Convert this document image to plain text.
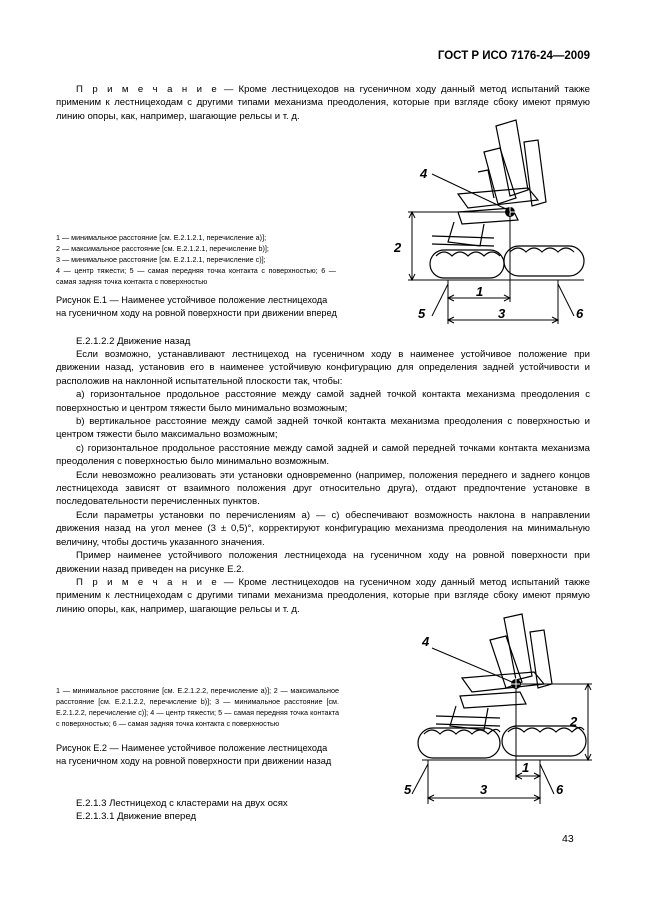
ГОСТ Р ИСО 7176-24—2009

П р и м е ч а н и е — Кроме лестницеходов на гусеничном ходу данный метод испытаний также применим к лестницеходам с другими типами механизма преодоления, которые при взгляде сбоку имеют прямую линию опоры, как, например, шагающие рельсы и т. д.

1 — минимальное расстояние [см. E.2.1.2.1, перечисление a)];

2 — максимальное расстояние [см. E.2.1.2.1, перечисление b)];

3 — минимальное расстояние [см. E.2.1.2.1, перечисление c)];

4 — центр тяжести; 5 — самая передняя точка контакта с поверхностью; 6 — самая задняя точка контакта с поверхностью

Рисунок E.1 — Наименее устойчивое положение лестницехода на гусеничном ходу на ровной поверхности при движении вперед

4
2
1
3
5	6

E.2.1.2.2 Движение назад

Если возможно, устанавливают лестницеход на гусеничном ходу в наименее устойчивое положение при движении назад, установив его в наименее устойчивую конфигурацию для определения задней устойчивости и расположив на наклонной испытательной плоскости так, чтобы:

a) горизонтальное продольное расстояние между самой задней точкой контакта механизма преодоления с поверхностью и центром тяжести было минимально возможным;

b) вертикальное расстояние между самой задней точкой контакта механизма преодоления с поверхностью и центром тяжести было максимально возможным;

c) горизонтальное продольное расстояние между самой задней и самой передней точками контакта механизма преодоления с поверхностью было минимально возможным.

Если невозможно реализовать эти установки одновременно (например, положения переднего и заднего концов лестницехода зависят от взаимного положения друг относительно друга), отдают предпочтение установке в последовательности перечисленных пунктов.

Если параметры установки по перечислениям a) — c) обеспечивают возможность наклона в направлении движения назад на угол менее (3 ± 0,5)°, корректируют конфигурацию механизма преодоления на минимальную величину, чтобы достичь указанного значения.

Пример наименее устойчивого положения лестницехода на гусеничном ходу на ровной поверхности при движении назад приведен на рисунке E.2.

П р и м е ч а н и е — Кроме лестницеходов на гусеничном ходу данный метод испытаний также применим к лестницеходам с другими типами механизма преодоления, которые при взгляде сбоку имеют прямую линию опоры, как, например, шагающие рельсы и т. д.

1 — минимальное расстояние [см. E.2.1.2.2, перечисление a)]; 2 — максимальное расстояние [см. E.2.1.2.2, перечисление b)]; 3 — минимальное расстояние [см. E.2.1.2.2, перечисление c)]; 4 — центр тяжести; 5 — самая передняя точка контакта с поверхностью; 6 — самая задняя точка контакта с поверхностью

Рисунок E.2 — Наименее устойчивое положение лестницехода на гусеничном ходу на ровной поверхности при движении назад

4
2
1
3
5	6

E.2.1.3 Лестницеход с кластерами на двух осях

E.2.1.3.1 Движение вперед

43
